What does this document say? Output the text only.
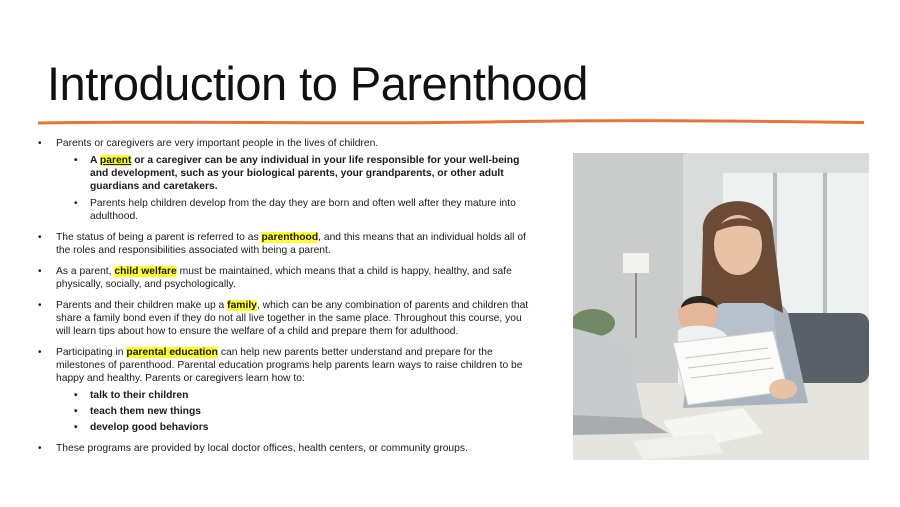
Introduction to Parenthood
• Parents or caregivers are very important people in the lives of children.
• A parent or a caregiver can be any individual in your life responsible for your well-being and development, such as your biological parents, your grandparents, or other adult guardians and caretakers.
• Parents help children develop from the day they are born and often well after they mature into adulthood.
• The status of being a parent is referred to as parenthood, and this means that an individual holds all of the roles and responsibilities associated with being a parent.
• As a parent, child welfare must be maintained, which means that a child is happy, healthy, and safe physically, socially, and psychologically.
• Parents and their children make up a family, which can be any combination of parents and children that share a family bond even if they do not all live together in the same place. Throughout this course, you will learn tips about how to ensure the welfare of a child and prepare them for adulthood.
• Participating in parental education can help new parents better understand and prepare for the milestones of parenthood. Parental education programs help parents learn ways to raise children to be happy and healthy. Parents or caregivers learn how to:
• talk to their children
• teach them new things
• develop good behaviors
• These programs are provided by local doctor offices, health centers, or community groups.
